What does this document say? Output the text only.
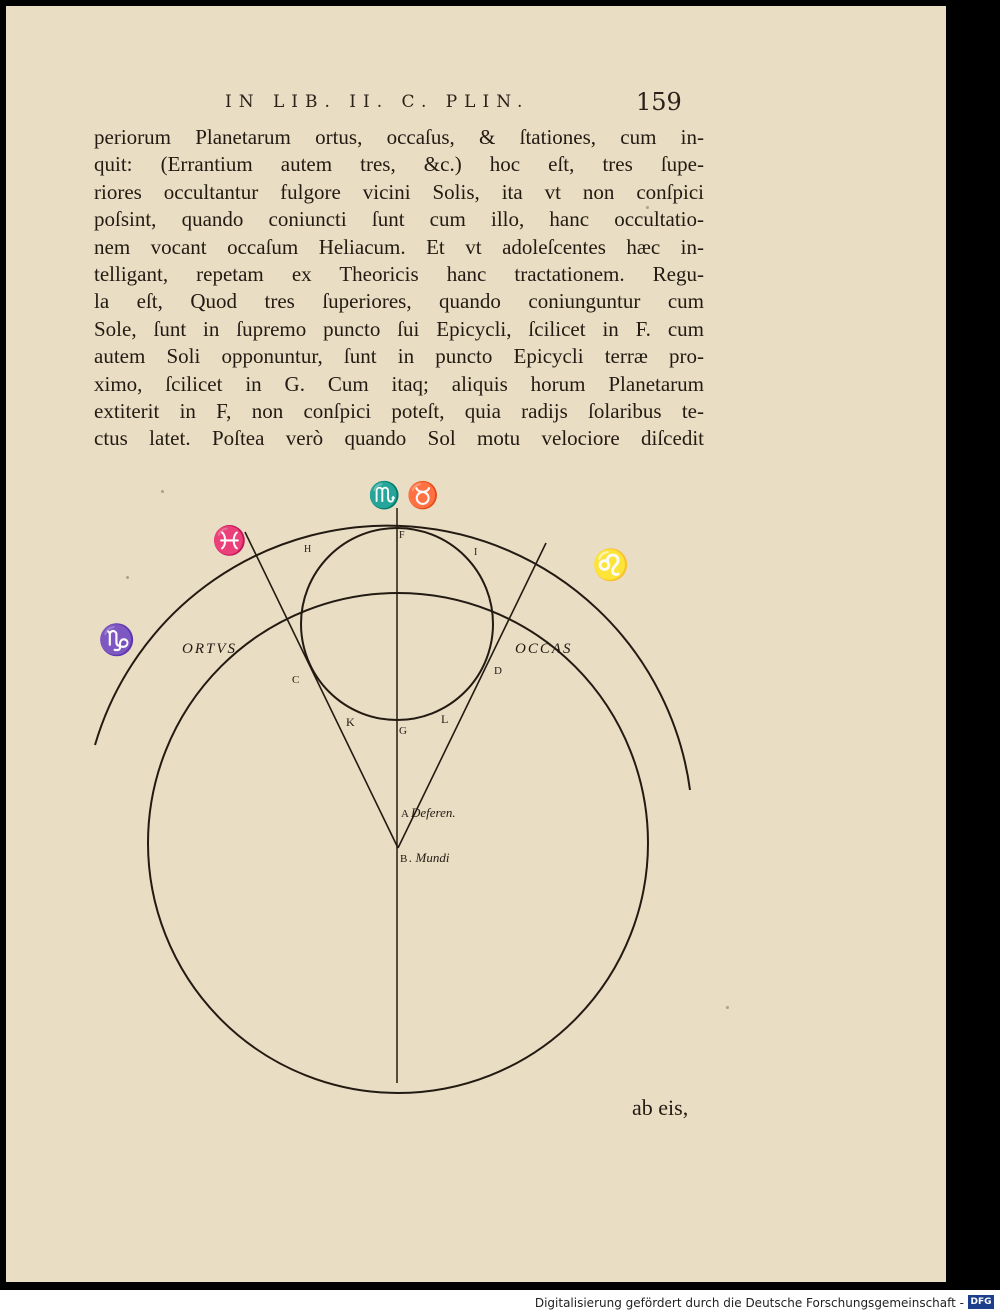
IN LIB. II. C. PLIN.	159
periorum Planetarum ortus, occaſus, & ſtationes, cum in-
quit: (Errantium autem tres, &c.) hoc eſt, tres ſupe-
riores occultantur fulgore vicini Solis, ita vt non conſpici
poſsint, quando coniuncti ſunt cum illo, hanc occultatio-
nem vocant occaſum Heliacum. Et vt adoleſcentes hæc in-
telligant, repetam ex Theoricis hanc tractationem. Regu-
la eſt, Quod tres ſuperiores, quando coniunguntur cum
Sole, ſunt in ſupremo puncto ſui Epicycli, ſcilicet in F. cum
autem Soli opponuntur, ſunt in puncto Epicycli terræ pro-
ximo, ſcilicet in G. Cum itaq; aliquis horum Planetarum
extiterit in F, non conſpici poteſt, quia radijs ſolaribus te-
ctus latet. Poſtea verò quando Sol motu velociore diſcedit
♏ ♉
♓
♑
♌
ORTVS	OCCAS
F
H	I
C
D
K	L
G
A Deferen.
B . Mundi
ab eis,
Digitalisierung gefördert durch die Deutsche Forschungsgemeinschaft - DFG
